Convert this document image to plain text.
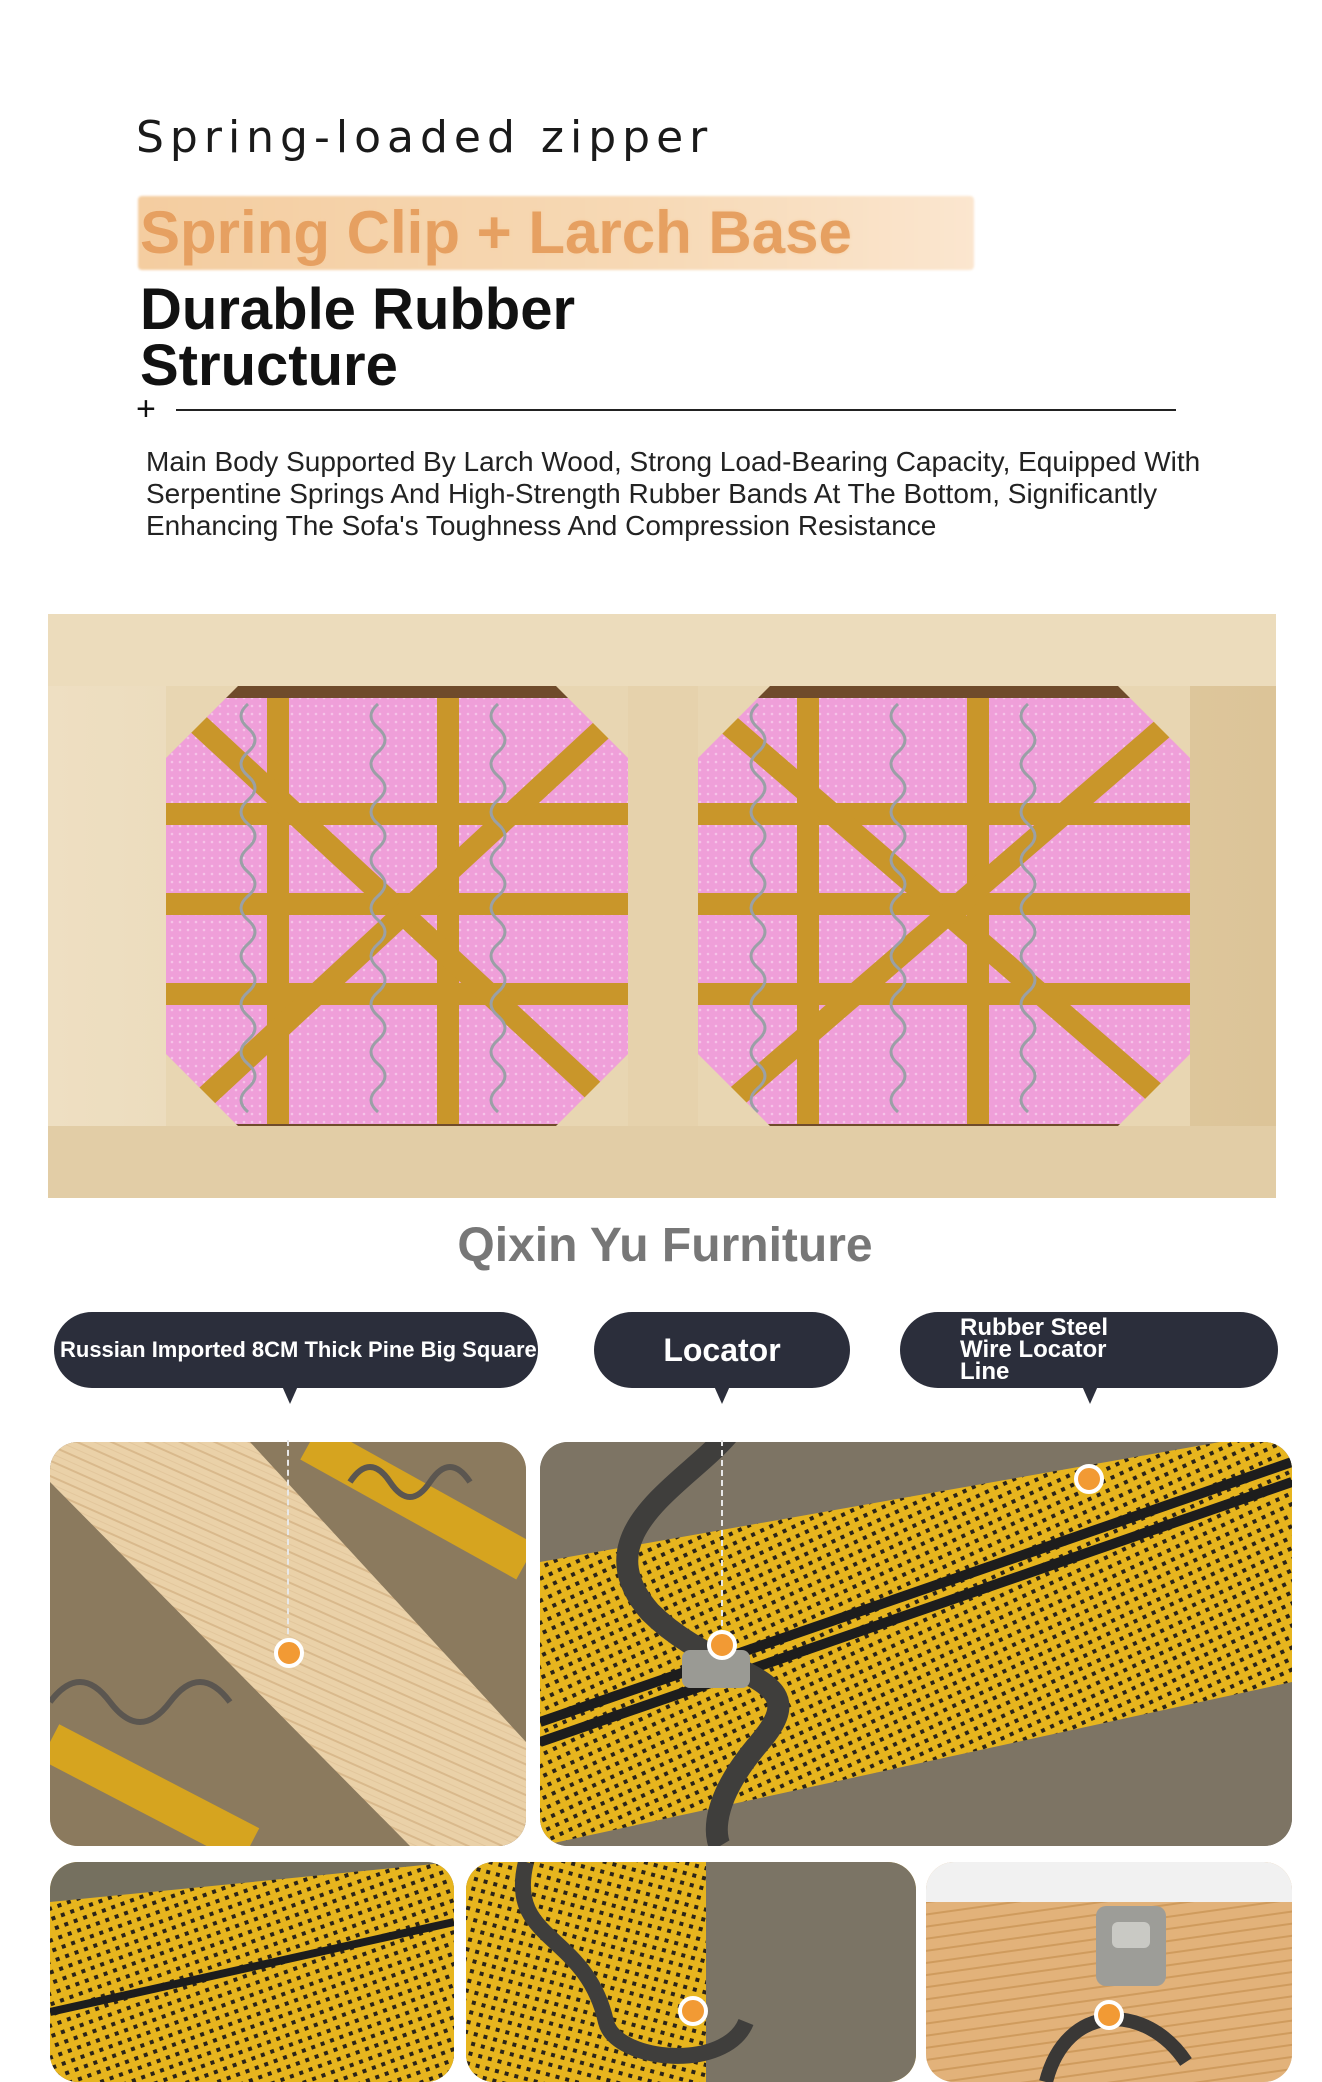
Spring-loaded zipper
Spring Clip + Larch Base
Durable Rubber Structure
+
Main Body Supported By Larch Wood, Strong Load-Bearing Capacity, Equipped With Serpentine Springs And High-Strength Rubber Bands At The Bottom, Significantly Enhancing The Sofa's Toughness And Compression Resistance
Qixin Yu Furniture
Russian Imported 8CM Thick Pine Big Square	Locator
Rubber Steel Wire Locator Line
